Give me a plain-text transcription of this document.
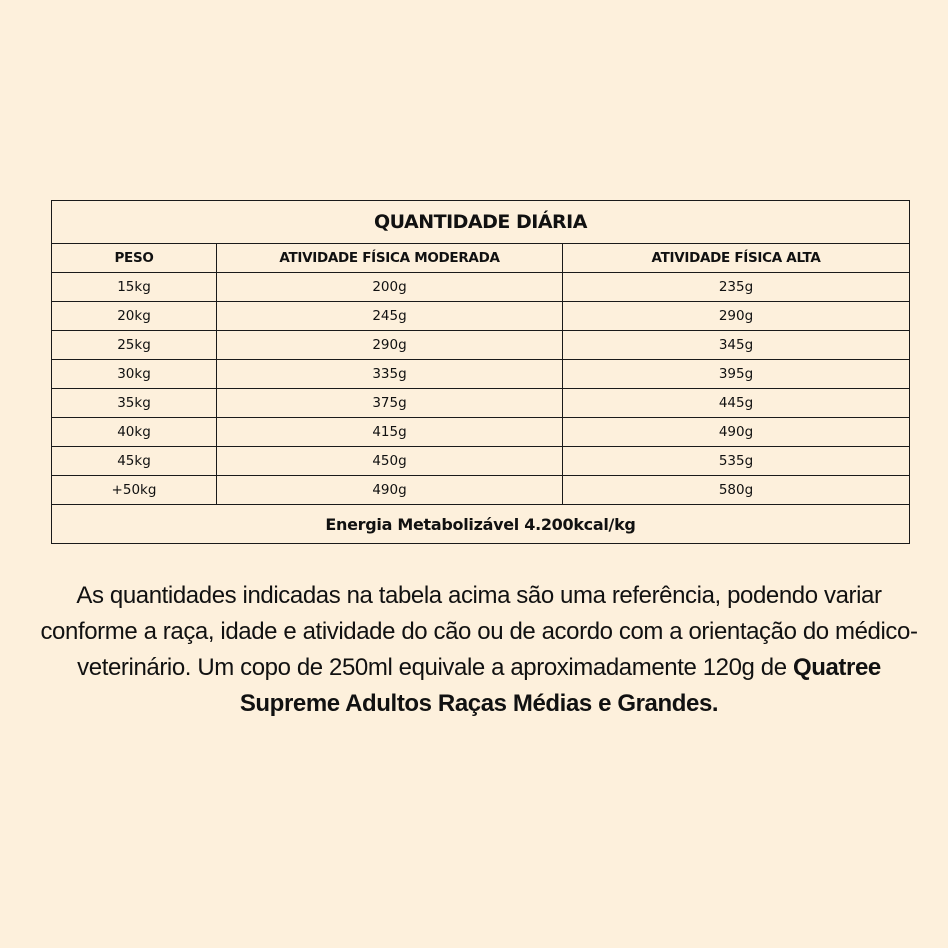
QUANTIDADE DIÁRIA		
PESO	ATIVIDADE FÍSICA MODERADA	ATIVIDADE FÍSICA ALTA
15kg	200g	235g
20kg	245g	290g
25kg	290g	345g
30kg	335g	395g
35kg	375g	445g
40kg	415g	490g
45kg	450g	535g
+50kg	490g	580g
Energia Metabolizável 4.200kcal/kg		

As quantidades indicadas na tabela acima são uma referência, podendo variar conforme a raça, idade e atividade do cão ou de acordo com a orientação do médico-veterinário. Um copo de 250ml equivale a aproximadamente 120g de Quatree Supreme Adultos Raças Médias e Grandes.
